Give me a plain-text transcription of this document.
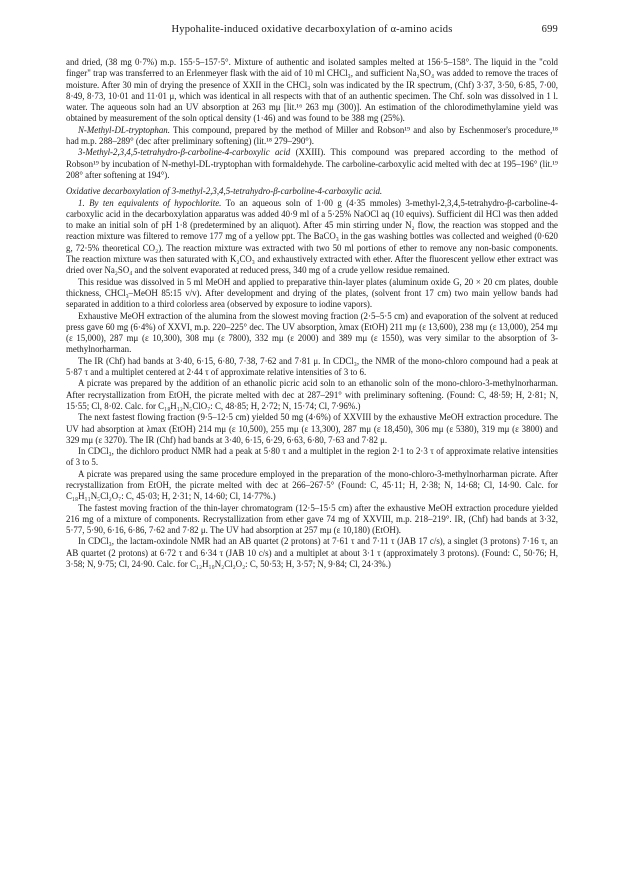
Hypohalite-induced oxidative decarboxylation of α-amino acids	699

and dried, (38 mg 0·7%) m.p. 155·5–157·5°. Mixture of authentic and isolated samples melted at 156·5–158°. The liquid in the "cold finger" trap was transferred to an Erlenmeyer flask with the aid of 10 ml CHCl₃, and sufficient Na₂SO₄ was added to remove the traces of moisture. After 30 min of drying the presence of XXII in the CHCl₃ soln was indicated by the IR spectrum, (Chf) 3·37, 3·50, 6·85, 7·00, 8·49, 8·73, 10·01 and 11·01 μ, which was identical in all respects with that of an authentic specimen. The Chf. soln was dissolved in 1 l. water. The aqueous soln had an UV absorption at 263 mμ [lit.¹⁶ 263 mμ (300)]. An estimation of the chlorodimethylamine yield was obtained by measurement of the soln optical density (1·46) and was found to be 388 mg (25%).

N-Methyl-DL-tryptophan. This compound, prepared by the method of Miller and Robson¹⁹ and also by Eschenmoser's procedure,¹⁸ had m.p. 288–289° (dec after preliminary softening) (lit.¹⁸ 279–290°).

3-Methyl-2,3,4,5-tetrahydro-β-carboline-4-carboxylic acid (XXIII). This compound was prepared according to the method of Robson¹⁹ by incubation of N-methyl-DL-tryptophan with formaldehyde. The carboline-carboxylic acid melted with dec at 195–196° (lit.¹⁹ 208° after softening at 194°).

Oxidative decarboxylation of 3-methyl-2,3,4,5-tetrahydro-β-carboline-4-carboxylic acid.

1. By ten equivalents of hypochlorite. To an aqueous soln of 1·00 g (4·35 mmoles) 3-methyl-2,3,4,5-tetrahydro-β-carboline-4-carboxylic acid in the decarboxylation apparatus was added 40·9 ml of a 5·25% NaOCl aq (10 equivs). Sufficient dil HCl was then added to make an initial soln of pH 1·8 (predetermined by an aliquot). After 45 min stirring under N₂ flow, the reaction was stopped and the reaction mixture was filtered to remove 177 mg of a yellow ppt. The BaCO₃ in the gas washing bottles was collected and weighed (0·620 g, 72·5% theoretical CO₂). The reaction mixture was extracted with two 50 ml portions of ether to remove any non-basic components. The reaction mixture was then saturated with K₂CO₃ and exhaustively extracted with ether. After the fluorescent yellow ether extract was dried over Na₂SO₄ and the solvent evaporated at reduced press, 340 mg of a crude yellow residue remained.

This residue was dissolved in 5 ml MeOH and applied to preparative thin-layer plates (aluminum oxide G, 20 × 20 cm plates, double thickness, CHCl₃–MeOH 85:15 v/v). After development and drying of the plates, (solvent front 17 cm) two main yellow bands had separated in addition to a third colorless area (observed by exposure to iodine vapors).

Exhaustive MeOH extraction of the alumina from the slowest moving fraction (2·5–5·5 cm) and evaporation of the solvent at reduced press gave 60 mg (6·4%) of XXVI, m.p. 220–225° dec. The UV absorption, λmax (EtOH) 211 mμ (ε 13,600), 238 mμ (ε 13,000), 254 mμ (ε 15,000), 287 mμ (ε 10,300), 308 mμ (ε 7800), 332 mμ (ε 2000) and 389 mμ (ε 1550), was very similar to the absorption of 3-methylnorharman.

The IR (Chf) had bands at 3·40, 6·15, 6·80, 7·38, 7·62 and 7·81 μ. In CDCl₃, the NMR of the mono-chloro compound had a peak at 5·87 τ and a multiplet centered at 2·44 τ of approximate relative intensities of 3 to 6.

A picrate was prepared by the addition of an ethanolic picric acid soln to an ethanolic soln of the mono-chloro-3-methylnorharman. After recrystallization from EtOH, the picrate melted with dec at 287–291° with preliminary softening. (Found: C, 48·59; H, 2·81; N, 15·55; Cl, 8·02. Calc. for C₁₈H₁₂N₅ClO₇: C, 48·85; H, 2·72; N, 15·74; Cl, 7·96%.)

The next fastest flowing fraction (9·5–12·5 cm) yielded 50 mg (4·6%) of XXVIII by the exhaustive MeOH extraction procedure. The UV had absorption at λmax (EtOH) 214 mμ (ε 10,500), 255 mμ (ε 13,300), 287 mμ (ε 18,450), 306 mμ (ε 5380), 319 mμ (ε 3800) and 329 mμ (ε 3270). The IR (Chf) had bands at 3·40, 6·15, 6·29, 6·63, 6·80, 7·63 and 7·82 μ.

In CDCl₃, the dichloro product NMR had a peak at 5·80 τ and a multiplet in the region 2·1 to 2·3 τ of approximate relative intensities of 3 to 5.

A picrate was prepared using the same procedure employed in the preparation of the mono-chloro-3-methylnorharman picrate. After recrystallization from EtOH, the picrate melted with dec at 266–267·5° (Found: C, 45·11; H, 2·38; N, 14·68; Cl, 14·90. Calc. for C₁₈H₁₁N₅Cl₂O₇: C, 45·03; H, 2·31; N, 14·60; Cl, 14·77%.)

The fastest moving fraction of the thin-layer chromatogram (12·5–15·5 cm) after the exhaustive MeOH extraction procedure yielded 216 mg of a mixture of components. Recrystallization from ether gave 74 mg of XXVIII, m.p. 218–219°. IR, (Chf) had bands at 3·32, 5·77, 5·90, 6·16, 6·86, 7·62 and 7·82 μ. The UV had absorption at 257 mμ (ε 10,180) (EtOH).

In CDCl₃, the lactam-oxindole NMR had an AB quartet (2 protons) at 7·61 τ and 7·11 τ (JAB 17 c/s), a singlet (3 protons) 7·16 τ, an AB quartet (2 protons) at 6·72 τ and 6·34 τ (JAB 10 c/s) and a multiplet at about 3·1 τ (approximately 3 protons). (Found: C, 50·76; H, 3·58; N, 9·75; Cl, 24·90. Calc. for C₁₂H₁₀N₂Cl₂O₂: C, 50·53; H, 3·57; N, 9·84; Cl, 24·3%.)
